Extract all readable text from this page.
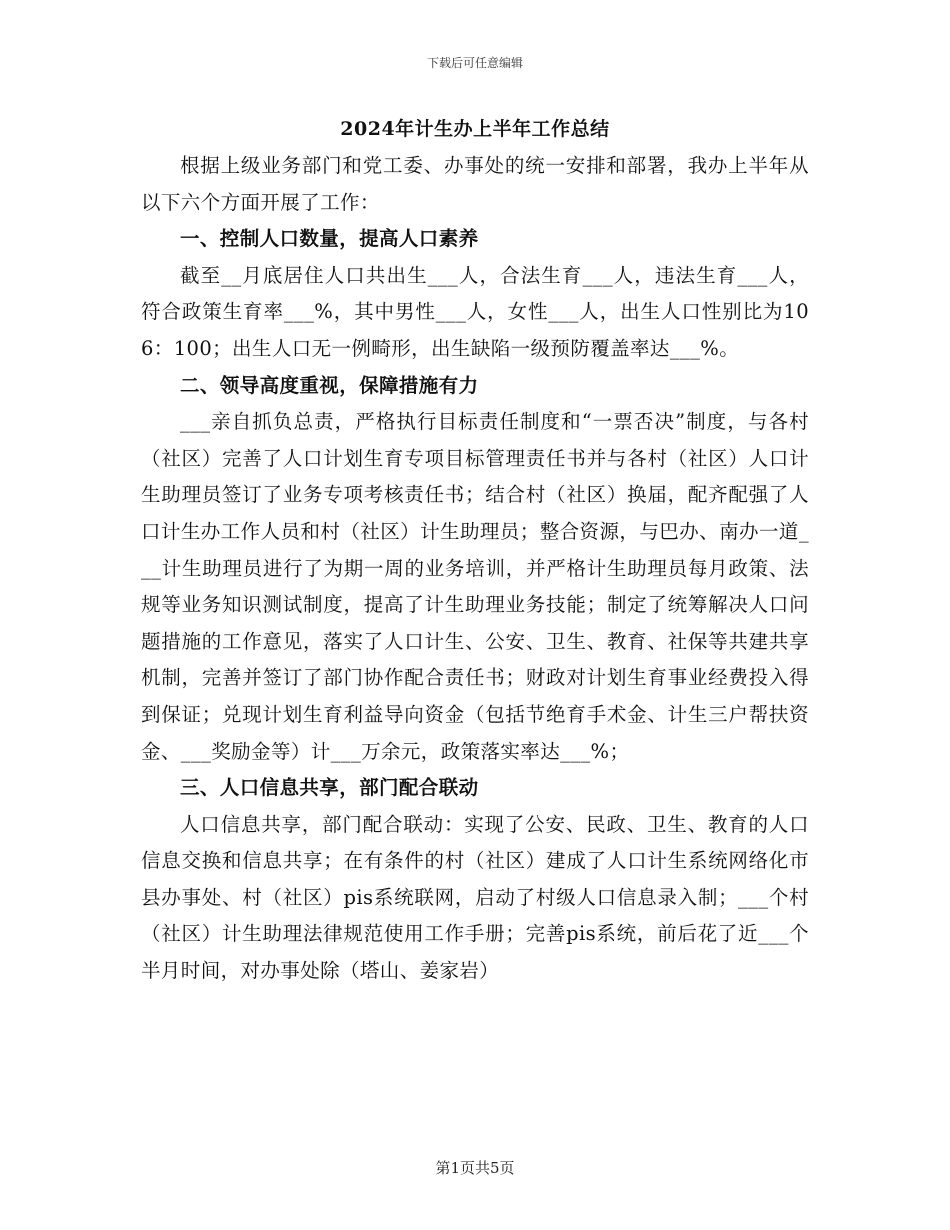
下载后可任意编辑
2024年计生办上半年工作总结

根据上级业务部门和党工委、办事处的统一安排和部署，我办上半年从以下六个方面开展了工作：

一、控制人口数量，提高人口素养

截至__月底居住人口共出生___人，合法生育___人，违法生育___人，符合政策生育率___%，其中男性___人，女性___人，出生人口性别比为106：100；出生人口无一例畸形，出生缺陷一级预防覆盖率达___%。

二、领导高度重视，保障措施有力

___亲自抓负总责，严格执行目标责任制度和“一票否决”制度，与各村（社区）完善了人口计划生育专项目标管理责任书并与各村（社区）人口计生助理员签订了业务专项考核责任书；结合村（社区）换届，配齐配强了人口计生办工作人员和村（社区）计生助理员；整合资源，与巴办、南办一道___计生助理员进行了为期一周的业务培训，并严格计生助理员每月政策、法规等业务知识测试制度，提高了计生助理业务技能；制定了统筹解决人口问题措施的工作意见，落实了人口计生、公安、卫生、教育、社保等共建共享机制，完善并签订了部门协作配合责任书；财政对计划生育事业经费投入得到保证；兑现计划生育利益导向资金（包括节绝育手术金、计生三户帮扶资金、___奖励金等）计___万余元，政策落实率达___%；

三、人口信息共享，部门配合联动

人口信息共享，部门配合联动：实现了公安、民政、卫生、教育的人口信息交换和信息共享；在有条件的村（社区）建成了人口计生系统网络化市县办事处、村（社区）pis系统联网，启动了村级人口信息录入制；___个村（社区）计生助理法律规范使用工作手册；完善pis系统，前后花了近___个半月时间，对办事处除（塔山、姜家岩）

第1页共5页
